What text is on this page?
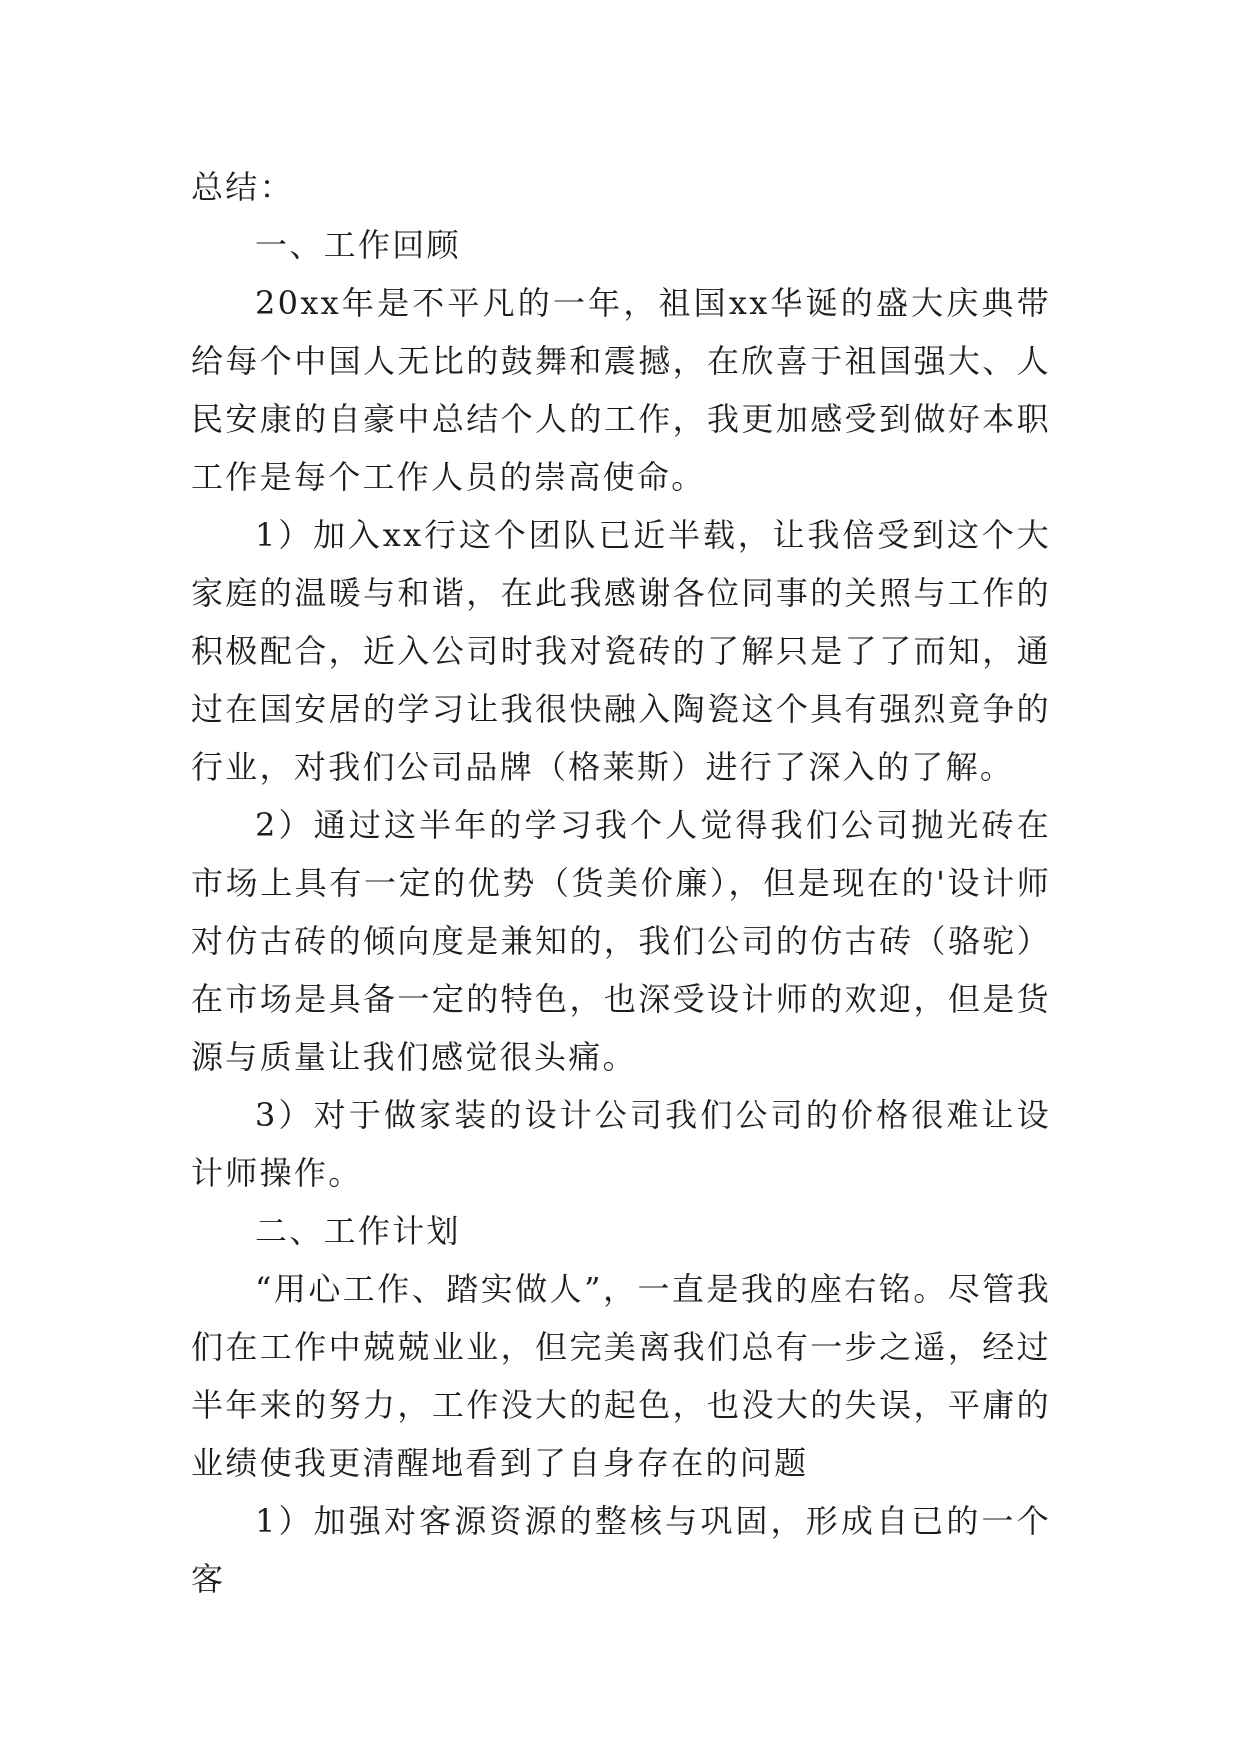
总结：

一、工作回顾

20xx年是不平凡的一年，祖国xx华诞的盛大庆典带给每个中国人无比的鼓舞和震撼，在欣喜于祖国强大、人民安康的自豪中总结个人的工作，我更加感受到做好本职工作是每个工作人员的崇高使命。

1）加入xx行这个团队已近半载，让我倍受到这个大家庭的温暖与和谐，在此我感谢各位同事的关照与工作的积极配合，近入公司时我对瓷砖的了解只是了了而知，通过在国安居的学习让我很快融入陶瓷这个具有强烈竟争的行业，对我们公司品牌（格莱斯）进行了深入的了解。

2）通过这半年的学习我个人觉得我们公司抛光砖在市场上具有一定的优势（货美价廉），但是现在的'设计师对仿古砖的倾向度是兼知的，我们公司的仿古砖（骆驼）在市场是具备一定的特色，也深受设计师的欢迎，但是货源与质量让我们感觉很头痛。

3）对于做家装的设计公司我们公司的价格很难让设计师操作。

二、工作计划

“用心工作、踏实做人”，一直是我的座右铭。尽管我们在工作中兢兢业业，但完美离我们总有一步之遥，经过半年来的努力，工作没大的起色，也没大的失误，平庸的业绩使我更清醒地看到了自身存在的问题

1）加强对客源资源的整核与巩固，形成自已的一个客
